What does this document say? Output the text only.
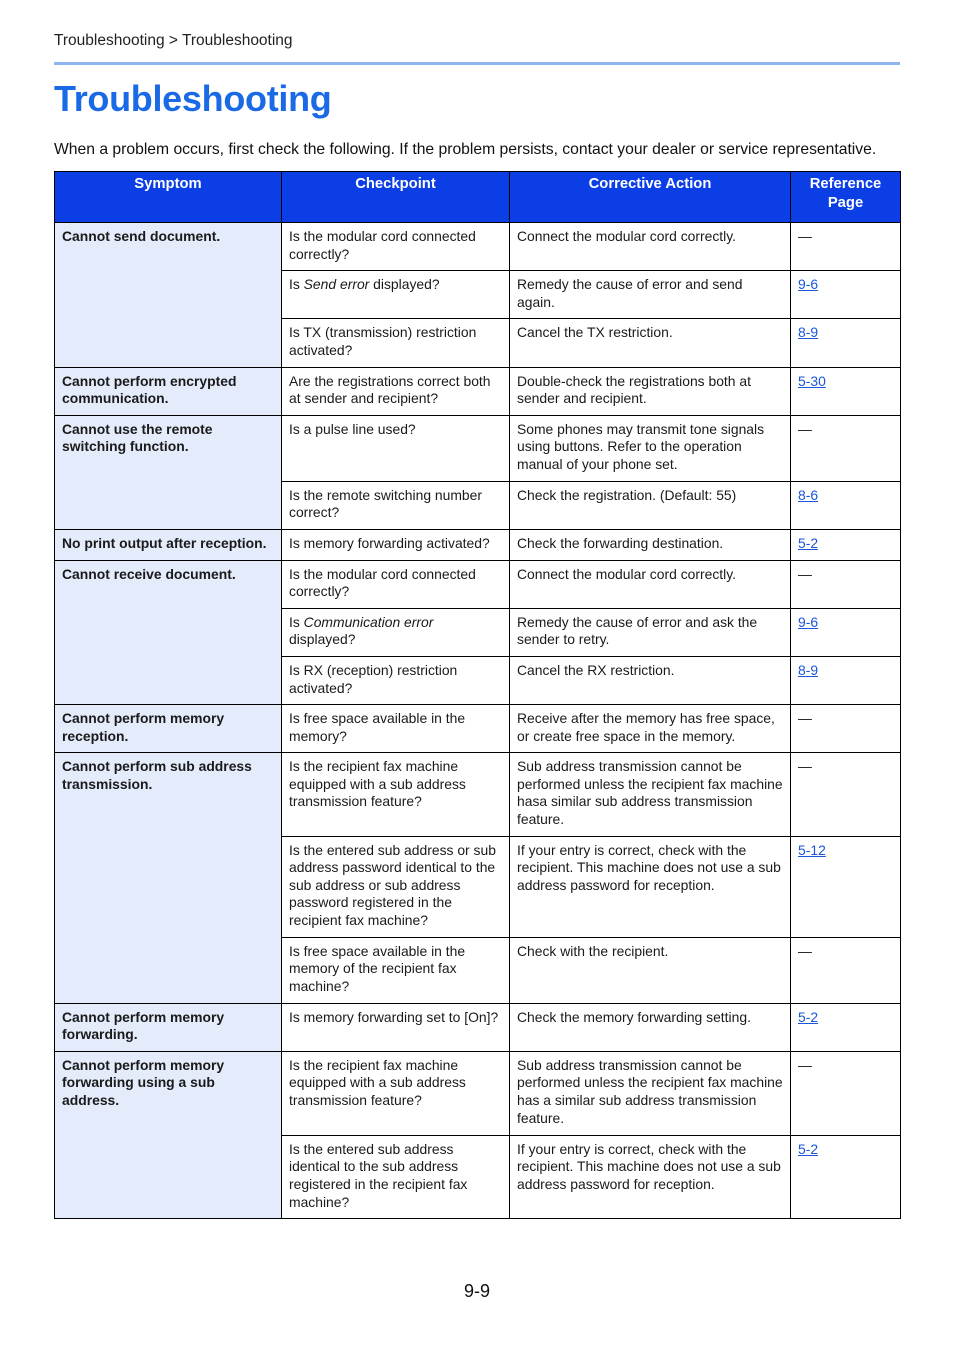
Troubleshooting > Troubleshooting
Troubleshooting
When a problem occurs, first check the following. If the problem persists, contact your dealer or service representative.
Symptom	Checkpoint	Corrective Action	Reference Page
Cannot send document.	Is the modular cord connected correctly?	Connect the modular cord correctly.	—
	Is Send error displayed?	Remedy the cause of error and send again.	9-6
	Is TX (transmission) restriction activated?	Cancel the TX restriction.	8-9
Cannot perform encrypted communication.	Are the registrations correct both at sender and recipient?	Double-check the registrations both at sender and recipient.	5-30
Cannot use the remote switching function.	Is a pulse line used?	Some phones may transmit tone signals using buttons. Refer to the operation manual of your phone set.	—
	Is the remote switching number correct?	Check the registration. (Default: 55)	8-6
No print output after reception.	Is memory forwarding activated?	Check the forwarding destination.	5-2
Cannot receive document.	Is the modular cord connected correctly?	Connect the modular cord correctly.	—
	Is Communication error displayed?	Remedy the cause of error and ask the sender to retry.	9-6
	Is RX (reception) restriction activated?	Cancel the RX restriction.	8-9
Cannot perform memory reception.	Is free space available in the memory?	Receive after the memory has free space, or create free space in the memory.	—
Cannot perform sub address transmission.	Is the recipient fax machine equipped with a sub address transmission feature?	Sub address transmission cannot be performed unless the recipient fax machine hasa similar sub address transmission feature.	—
	Is the entered sub address or sub address password identical to the sub address or sub address password registered in the recipient fax machine?	If your entry is correct, check with the recipient. This machine does not use a sub address password for reception.	5-12
	Is free space available in the memory of the recipient fax machine?	Check with the recipient.	—
Cannot perform memory forwarding.	Is memory forwarding set to [On]?	Check the memory forwarding setting.	5-2
Cannot perform memory forwarding using a sub address.	Is the recipient fax machine equipped with a sub address transmission feature?	Sub address transmission cannot be performed unless the recipient fax machine has a similar sub address transmission feature.	—
	Is the entered sub address identical to the sub address registered in the recipient fax machine?	If your entry is correct, check with the recipient. This machine does not use a sub address password for reception.	5-2
9-9
